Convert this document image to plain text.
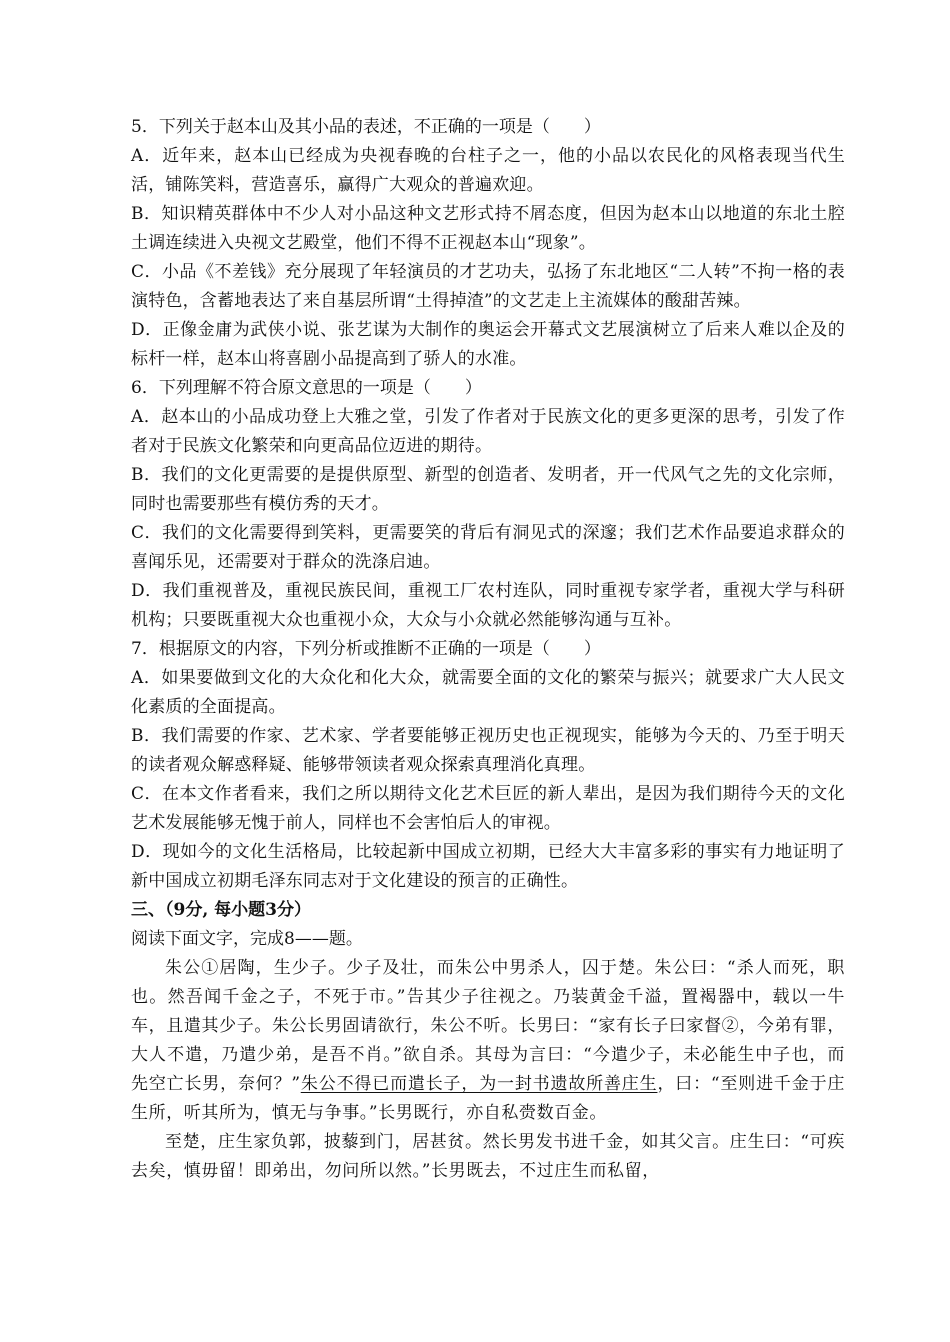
5．下列关于赵本山及其小品的表述，不正确的一项是（　　）

A．近年来，赵本山已经成为央视春晚的台柱子之一，他的小品以农民化的风格表现当代生活，铺陈笑料，营造喜乐，赢得广大观众的普遍欢迎。

B．知识精英群体中不少人对小品这种文艺形式持不屑态度，但因为赵本山以地道的东北土腔土调连续进入央视文艺殿堂，他们不得不正视赵本山“现象”。

C．小品《不差钱》充分展现了年轻演员的才艺功夫，弘扬了东北地区“二人转”不拘一格的表演特色，含蓄地表达了来自基层所谓“土得掉渣”的文艺走上主流媒体的酸甜苦辣。

D．正像金庸为武侠小说、张艺谋为大制作的奥运会开幕式文艺展演树立了后来人难以企及的标杆一样，赵本山将喜剧小品提高到了骄人的水准。

6．下列理解不符合原文意思的一项是（　　）

A．赵本山的小品成功登上大雅之堂，引发了作者对于民族文化的更多更深的思考，引发了作者对于民族文化繁荣和向更高品位迈进的期待。

B．我们的文化更需要的是提供原型、新型的创造者、发明者，开一代风气之先的文化宗师，同时也需要那些有模仿秀的天才。

C．我们的文化需要得到笑料，更需要笑的背后有洞见式的深邃；我们艺术作品要追求群众的喜闻乐见，还需要对于群众的洗涤启迪。

D．我们重视普及，重视民族民间，重视工厂农村连队，同时重视专家学者，重视大学与科研机构；只要既重视大众也重视小众，大众与小众就必然能够沟通与互补。

7．根据原文的内容，下列分析或推断不正确的一项是（　　）

A．如果要做到文化的大众化和化大众，就需要全面的文化的繁荣与振兴；就要求广大人民文化素质的全面提高。

B．我们需要的作家、艺术家、学者要能够正视历史也正视现实，能够为今天的、乃至于明天的读者观众解惑释疑、能够带领读者观众探索真理消化真理。

C．在本文作者看来，我们之所以期待文化艺术巨匠的新人辈出，是因为我们期待今天的文化艺术发展能够无愧于前人，同样也不会害怕后人的审视。

D．现如今的文化生活格局，比较起新中国成立初期，已经大大丰富多彩的事实有力地证明了新中国成立初期毛泽东同志对于文化建设的预言的正确性。

三、（9分, 每小题3分）

阅读下面文字，完成8——题。

朱公①居陶，生少子。少子及壮，而朱公中男杀人，囚于楚。朱公曰：“杀人而死，职也。然吾闻千金之子，不死于市。”告其少子往视之。乃装黄金千溢，置褐器中，载以一牛车，且遣其少子。朱公长男固请欲行，朱公不听。长男曰：“家有长子曰家督②，今弟有罪，大人不遣，乃遣少弟，是吾不肖。”欲自杀。其母为言曰：“今遣少子，未必能生中子也，而先空亡长男，奈何？”朱公不得已而遣长子，为一封书遗故所善庄生，曰：“至则进千金于庄生所，听其所为，慎无与争事。”长男既行，亦自私赍数百金。

至楚，庄生家负郭，披藜到门，居甚贫。然长男发书进千金，如其父言。庄生曰：“可疾去矣，慎毋留！即弟出，勿问所以然。”长男既去，不过庄生而私留，
